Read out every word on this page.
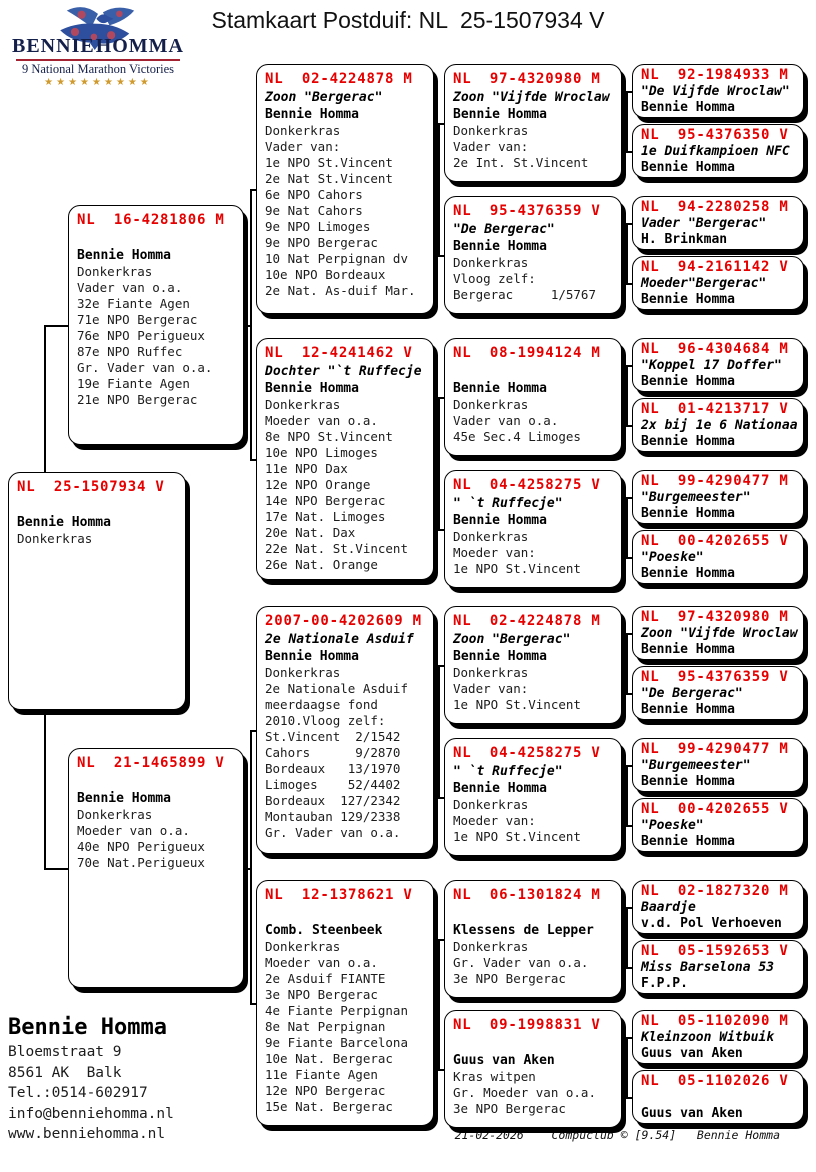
Stamkaart Postduif: NL  25-1507934 V
BENNIE HOMMA
9 National Marathon Victories
★★★★★★★★★
NL  25-1507934 V
Bennie Homma
Donkerkras
NL  16-4281806 M
Bennie Homma
Donkerkras
Vader van o.a.
32e Fiante Agen
71e NPO Bergerac
76e NPO Perigueux
87e NPO Ruffec
Gr. Vader van o.a.
19e Fiante Agen
21e NPO Bergerac
NL  21-1465899 V
Bennie Homma
Donkerkras
Moeder van o.a.
40e NPO Perigueux
70e Nat.Perigueux
NL  02-4224878 M
Zoon "Bergerac"
Bennie Homma
Donkerkras
Vader van:
1e NPO St.Vincent
2e Nat St.Vincent
6e NPO Cahors
9e Nat Cahors
9e NPO Limoges
9e NPO Bergerac
10 Nat Perpignan dv
10e NPO Bordeaux
2e Nat. As-duif Mar.
NL  12-4241462 V
Dochter "`t Ruffecje
Bennie Homma
Donkerkras
Moeder van o.a.
8e NPO St.Vincent
10e NPO Limoges
11e NPO Dax
12e NPO Orange
14e NPO Bergerac
17e Nat. Limoges
20e Nat. Dax
22e Nat. St.Vincent
26e Nat. Orange
2007-00-4202609 M
2e Nationale Asduif
Bennie Homma
Donkerkras
2e Nationale Asduif
meerdaagse fond
2010.Vloog zelf:
St.Vincent  2/1542
Cahors      9/2870
Bordeaux   13/1970
Limoges    52/4402
Bordeaux  127/2342
Montauban 129/2338
Gr. Vader van o.a.
NL  12-1378621 V
Comb. Steenbeek
Donkerkras
Moeder van o.a.
2e Asduif FIANTE
3e NPO Bergerac
4e Fiante Perpignan
8e Nat Perpignan
9e Fiante Barcelona
10e Nat. Bergerac
11e Fiante Agen
12e NPO Bergerac
15e Nat. Bergerac
NL  97-4320980 M
Zoon "Vijfde Wroclaw
Bennie Homma
Donkerkras
Vader van:
2e Int. St.Vincent
NL  95-4376359 V
"De Bergerac"
Bennie Homma
Donkerkras
Vloog zelf:
Bergerac     1/5767
NL  08-1994124 M
Bennie Homma
Donkerkras
Vader van o.a.
45e Sec.4 Limoges
NL  04-4258275 V
" `t Ruffecje"
Bennie Homma
Donkerkras
Moeder van:
1e NPO St.Vincent
NL  02-4224878 M
Zoon "Bergerac"
Bennie Homma
Donkerkras
Vader van:
1e NPO St.Vincent
NL  04-4258275 V
" `t Ruffecje"
Bennie Homma
Donkerkras
Moeder van:
1e NPO St.Vincent
NL  06-1301824 M
Klessens de Lepper
Donkerkras
Gr. Vader van o.a.
3e NPO Bergerac
NL  09-1998831 V
Guus van Aken
Kras witpen
Gr. Moeder van o.a.
3e NPO Bergerac
NL  92-1984933 M
"De Vijfde Wroclaw"
Bennie Homma
NL  95-4376350 V
1e Duifkampioen NFC
Bennie Homma
NL  94-2280258 M
Vader "Bergerac"
H. Brinkman
NL  94-2161142 V
Moeder"Bergerac"
Bennie Homma
NL  96-4304684 M
"Koppel 17 Doffer"
Bennie Homma
NL  01-4213717 V
2x bij 1e 6 Nationaa
Bennie Homma
NL  99-4290477 M
"Burgemeester"
Bennie Homma
NL  00-4202655 V
"Poeske"
Bennie Homma
NL  97-4320980 M
Zoon "Vijfde Wroclaw
Bennie Homma
NL  95-4376359 V
"De Bergerac"
Bennie Homma
NL  99-4290477 M
"Burgemeester"
Bennie Homma
NL  00-4202655 V
"Poeske"
Bennie Homma
NL  02-1827320 M
Baardje
v.d. Pol Verhoeven
NL  05-1592653 V
Miss Barselona 53
F.P.P.
NL  05-1102090 M
Kleinzoon Witbuik
Guus van Aken
NL  05-1102026 V
Guus van Aken
Bennie Homma
Bloemstraat 9
8561 AK  Balk
Tel.:0514-602917
info@benniehomma.nl
www.benniehomma.nl	21-02-2026    Compuclub © [9.54]   Bennie Homma
